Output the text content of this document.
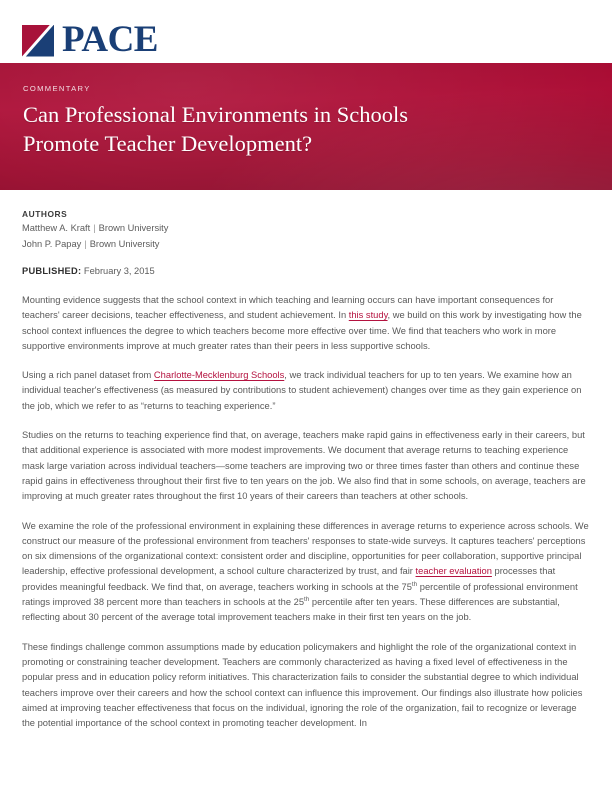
PACE
COMMENTARY
Can Professional Environments in Schools
Promote Teacher Development?
AUTHORS
Matthew A. Kraft | Brown University
John P. Papay | Brown University
PUBLISHED: February 3, 2015

Mounting evidence suggests that the school context in which teaching and learning occurs can have important consequences for teachers' career decisions, teacher effectiveness, and student achievement. In this study, we build on this work by investigating how the school context influences the degree to which teachers become more effective over time. We find that teachers who work in more supportive environments improve at much greater rates than their peers in less supportive schools.

Using a rich panel dataset from Charlotte-Mecklenburg Schools, we track individual teachers for up to ten years. We examine how an individual teacher's effectiveness (as measured by contributions to student achievement) changes over time as they gain experience on the job, which we refer to as “returns to teaching experience.”

Studies on the returns to teaching experience find that, on average, teachers make rapid gains in effectiveness early in their careers, but that additional experience is associated with more modest improvements. We document that average returns to teaching experience mask large variation across individual teachers—some teachers are improving two or three times faster than others and continue these rapid gains in effectiveness throughout their first five to ten years on the job. We also find that in some schools, on average, teachers are improving at much greater rates throughout the first 10 years of their careers than teachers at other schools.

We examine the role of the professional environment in explaining these differences in average returns to experience across schools. We construct our measure of the professional environment from teachers' responses to state-wide surveys. It captures teachers' perceptions on six dimensions of the organizational context: consistent order and discipline, opportunities for peer collaboration, supportive principal leadership, effective professional development, a school culture characterized by trust, and fair teacher evaluation processes that provides meaningful feedback. We find that, on average, teachers working in schools at the 75th percentile of professional environment ratings improved 38 percent more than teachers in schools at the 25th percentile after ten years. These differences are substantial, reflecting about 30 percent of the average total improvement teachers make in their first ten years on the job.

These findings challenge common assumptions made by education policymakers and highlight the role of the organizational context in promoting or constraining teacher development. Teachers are commonly characterized as having a fixed level of effectiveness in the popular press and in education policy reform initiatives. This characterization fails to consider the substantial degree to which individual teachers improve over their careers and how the school context can influence this improvement. Our findings also illustrate how policies aimed at improving teacher effectiveness that focus on the individual, ignoring the role of the organization, fail to recognize or leverage the potential importance of the school context in promoting teacher development. In
